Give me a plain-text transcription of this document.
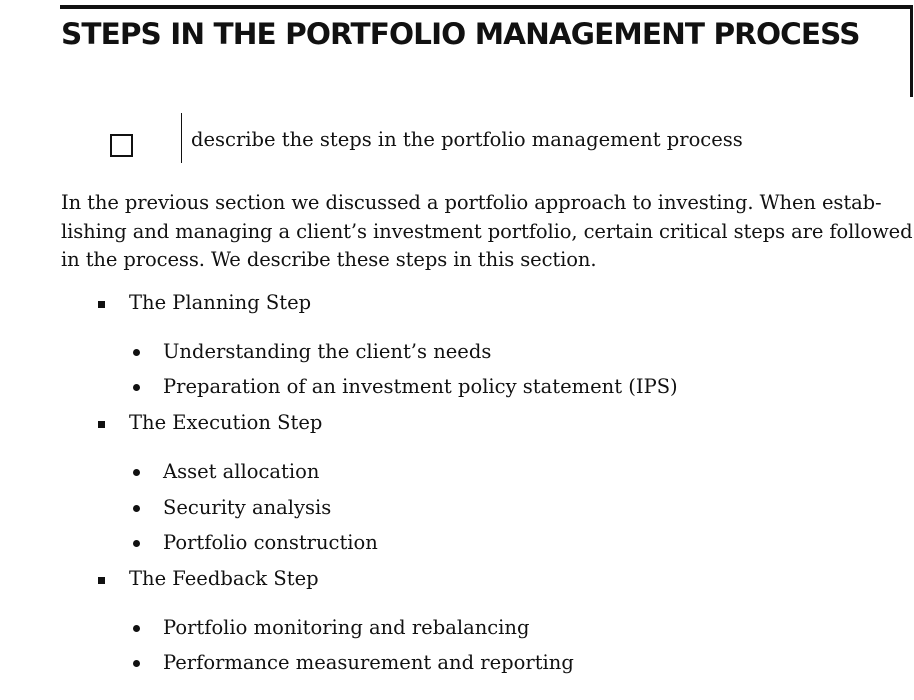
STEPS IN THE PORTFOLIO MANAGEMENT PROCESS
describe the steps in the portfolio management process

In the previous section we discussed a portfolio approach to investing. When estab-
lishing and managing a client’s investment portfolio, certain critical steps are followed
in the process. We describe these steps in this section.

The Planning Step
Understanding the client’s needs
Preparation of an investment policy statement (IPS)
The Execution Step
Asset allocation
Security analysis
Portfolio construction
The Feedback Step
Portfolio monitoring and rebalancing
Performance measurement and reporting
